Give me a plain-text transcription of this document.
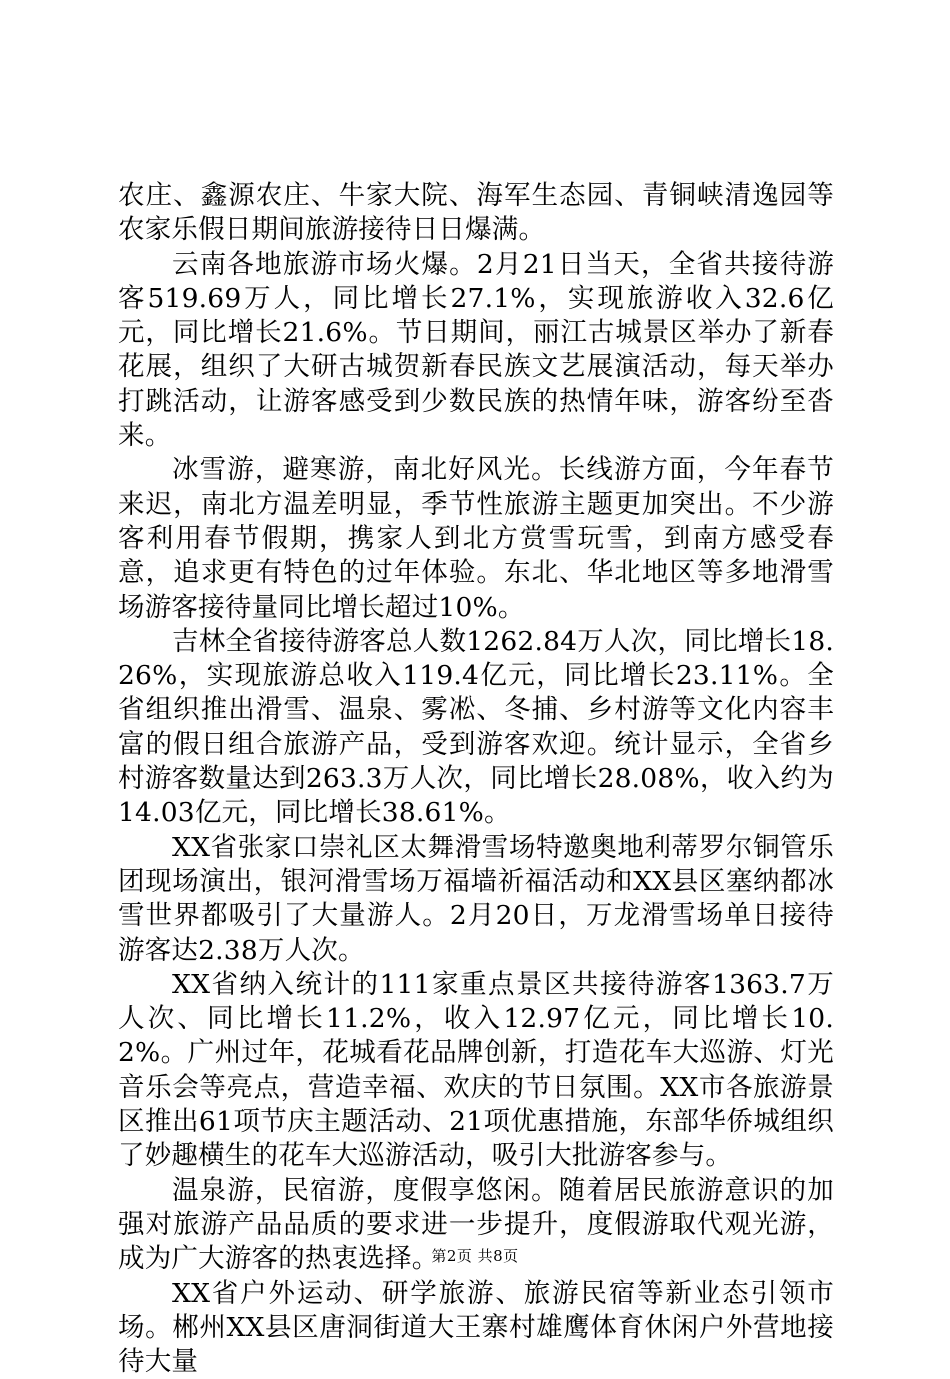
农庄、鑫源农庄、牛家大院、海军生态园、青铜峡清逸园等农家乐假日期间旅游接待日日爆满。

云南各地旅游市场火爆。2月21日当天，全省共接待游客519.69万人，同比增长27.1%，实现旅游收入32.6亿元，同比增长21.6%。节日期间，丽江古城景区举办了新春花展，组织了大研古城贺新春民族文艺展演活动，每天举办打跳活动，让游客感受到少数民族的热情年味，游客纷至沓来。

冰雪游，避寒游，南北好风光。长线游方面，今年春节来迟，南北方温差明显，季节性旅游主题更加突出。不少游客利用春节假期，携家人到北方赏雪玩雪，到南方感受春意，追求更有特色的过年体验。东北、华北地区等多地滑雪场游客接待量同比增长超过10%。

吉林全省接待游客总人数1262.84万人次，同比增长18.26%，实现旅游总收入119.4亿元，同比增长23.11%。全省组织推出滑雪、温泉、雾凇、冬捕、乡村游等文化内容丰富的假日组合旅游产品，受到游客欢迎。统计显示，全省乡村游客数量达到263.3万人次，同比增长28.08%，收入约为14.03亿元，同比增长38.61%。

XX省张家口崇礼区太舞滑雪场特邀奥地利蒂罗尔铜管乐团现场演出，银河滑雪场万福墙祈福活动和XX县区塞纳都冰雪世界都吸引了大量游人。2月20日，万龙滑雪场单日接待游客达2.38万人次。

XX省纳入统计的111家重点景区共接待游客1363.7万人次、同比增长11.2%，收入12.97亿元，同比增长10.2%。广州过年，花城看花品牌创新，打造花车大巡游、灯光音乐会等亮点，营造幸福、欢庆的节日氛围。XX市各旅游景区推出61项节庆主题活动、21项优惠措施，东部华侨城组织了妙趣横生的花车大巡游活动，吸引大批游客参与。

温泉游，民宿游，度假享悠闲。随着居民旅游意识的加强对旅游产品品质的要求进一步提升，度假游取代观光游，成为广大游客的热衷选择。

XX省户外运动、研学旅游、旅游民宿等新业态引领市场。郴州XX县区唐洞街道大王寨村雄鹰体育休闲户外营地接待大量

第2页 共8页
